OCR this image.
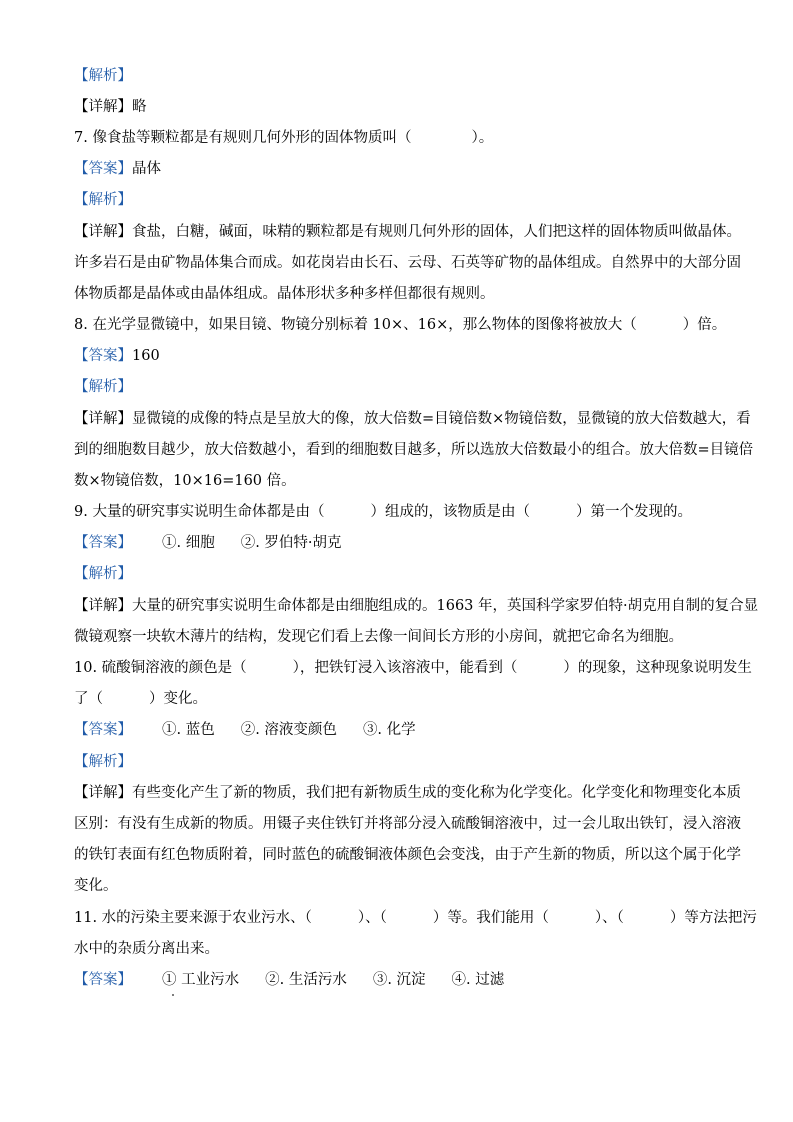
【解析】
【详解】略
7. 像食盐等颗粒都是有规则几何外形的固体物质叫（	）。
【答案】晶体
【解析】
【详解】食盐，白糖，碱面，味精的颗粒都是有规则几何外形的固体，人们把这样的固体物质叫做晶体。
许多岩石是由矿物晶体集合而成。如花岗岩由长石、云母、石英等矿物的晶体组成。自然界中的大部分固
体物质都是晶体或由晶体组成。晶体形状多种多样但都很有规则。
8. 在光学显微镜中，如果目镜、物镜分别标着 10×、16×，那么物体的图像将被放大（	）倍。
【答案】160
【解析】
【详解】显微镜的成像的特点是呈放大的像，放大倍数=目镜倍数×物镜倍数，显微镜的放大倍数越大，看
到的细胞数目越少，放大倍数越小，看到的细胞数目越多，所以选放大倍数最小的组合。放大倍数=目镜倍
数×物镜倍数，10×16=160 倍。
9. 大量的研究事实说明生命体都是由（	）组成的，该物质是由（	）第一个发现的。
【答案】 ①. 细胞 ②. 罗伯特·胡克
【解析】
【详解】大量的研究事实说明生命体都是由细胞组成的。1663 年，英国科学家罗伯特·胡克用自制的复合显
微镜观察一块软木薄片的结构，发现它们看上去像一间间长方形的小房间，就把它命名为细胞。
10. 硫酸铜溶液的颜色是（	），把铁钉浸入该溶液中，能看到（	）的现象，这种现象说明发生
了（	）变化。
【答案】 ①. 蓝色 ②. 溶液变颜色 ③. 化学
【解析】
【详解】有些变化产生了新的物质，我们把有新物质生成的变化称为化学变化。化学变化和物理变化本质
区别：有没有生成新的物质。用镊子夹住铁钉并将部分浸入硫酸铜溶液中，过一会儿取出铁钉，浸入溶液
的铁钉表面有红色物质附着，同时蓝色的硫酸铜液体颜色会变浅，由于产生新的物质，所以这个属于化学
变化。
11. 水的污染主要来源于农业污水、（	）、（	）等。我们能用（	）、（	）等方法把污
水中的杂质分离出来。
【答案】 ① 工业污水 ②. 生活污水 ③. 沉淀 ④. 过滤
